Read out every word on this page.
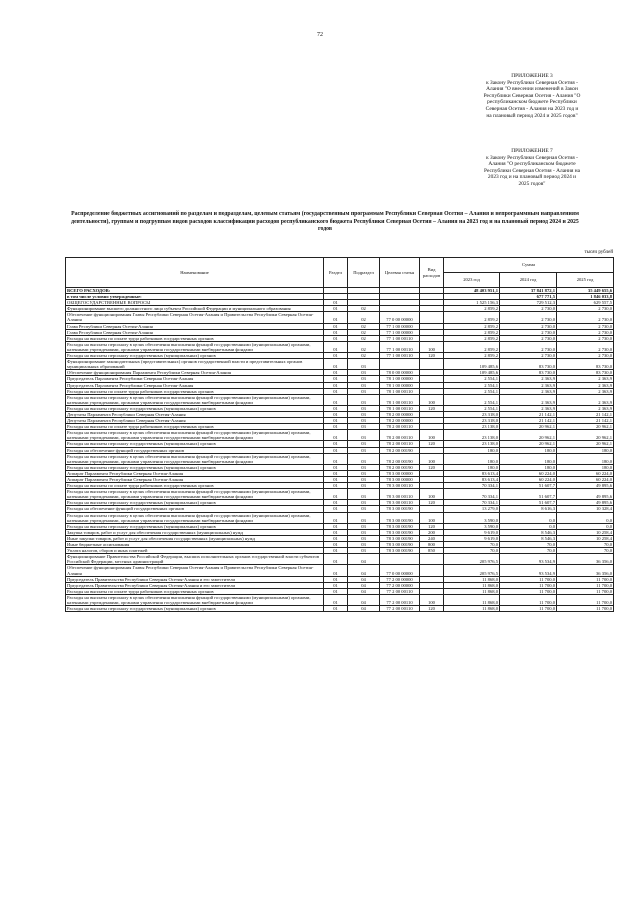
72
ПРИЛОЖЕНИЕ 3
к Закону Республики Северная Осетия -
Алания "О внесении изменений в Закон
Республики Северная Осетия - Алания "О
республиканском бюджете Республики
Северная Осетия - Алания на 2023 год и
на плановый период 2024 и 2025 годов"
ПРИЛОЖЕНИЕ 7
к Закону Республики Северная Осетия -
Алания "О республиканском бюджете
Республики Северная Осетия - Алания на
2023 год и на плановый период 2024 и
2025 годов"
Распределение бюджетных ассигнований по разделам и подразделам, целевым статьям (государственным программам Республики Северная Осетия – Алания и непрограммным направлениям деятельности), группам и подгруппам видов расходов классификации расходов республиканского бюджета Республики Северная Осетия – Алания на 2023 год и на плановый период 2024 и 2025 годов
тысяч рублей
Наименование	Раздел	Подраздел	Целевая статья	Вид расходов	Сумма		
					2023 год	2024 год	2025 год
ВСЕГО РАСХОДОВ:					48 403 951,1	37 841 872,1	35 449 655,6
в том числе условно утвержденные:						677 771,5	1 846 033,8
ОБЩЕГОСУДАРСТВЕННЫЕ ВОПРОСЫ	01				1 525 156,3	729 512,3	629 557,5
Функционирование высшего должностного лица субъекта Российской Федерации и муниципального образования	01	02			2 859,2	2 730,0	2 730,0
Обеспечение функционирования Главы Республики Северная Осетия-Алания и Правительства Республики Северная Осетия-Алания	01	02	77 0 00 00000		2 859,2	2 730,0	2 730,0
Глава Республики Северная Осетия-Алания	01	02	77 1 00 00000		2 859,2	2 730,0	2 730,0
Глава Республики Северная Осетия-Алания	01	02	77 1 00 00000		2 859,2	2 730,0	2 730,0
Расходы на выплаты по оплате труда работников государственных органов	01	02	77 1 00 00110		2 859,2	2 730,0	2 730,0
Расходы на выплаты персоналу в целях обеспечения выполнения функций государственными (муниципальными) органами, казенными учреждениями, органами управления государственными внебюджетными фондами	01	02	77 1 00 00110	100	2 859,2	2 730,0	2 730,0
Расходы на выплаты персоналу государственных (муниципальных) органов	01	02	77 1 00 00110	120	2 859,2	2 730,0	2 730,0
Функционирование законодательных (представительных) органов государственной власти и представительных органов муниципальных образований	01	03			109 485,6	83 730,0	83 730,0
Обеспечение функционирования Парламента Республики Северная Осетия-Алания	01	03	78 0 00 00000		109 485,6	83 730,0	83 730,0
Председатель Парламента Республики Северная Осетия-Алания	01	03	78 1 00 00000		2 554,1	2 363,9	2 363,9
Председатель Парламента Республики Северная Осетия-Алания	01	03	78 1 00 00000		2 554,1	2 363,9	2 363,9
Расходы на выплаты по оплате труда работников государственных органов	01	03	78 1 00 00110		2 554,1	2 363,9	2 363,9
Расходы на выплаты персоналу в целях обеспечения выполнения функций государственными (муниципальными) органами, казенными учреждениями, органами управления государственными внебюджетными фондами	01	03	78 1 00 00110	100	2 554,1	2 363,9	2 363,9
Расходы на выплаты персоналу государственных (муниципальных) органов	01	03	78 1 00 00110	120	2 554,1	2 363,9	2 363,9
Депутаты Парламента Республики Северная Осетия-Алания	01	03	78 2 00 00000		23 318,0	21 142,1	21 142,1
Депутаты Парламента Республики Северная Осетия-Алания	01	03	78 2 00 00000		23 318,0	21 142,1	21 142,1
Расходы на выплаты по оплате труда работников государственных органов	01	03	78 2 00 00110		23 138,0	20 962,1	20 962,1
Расходы на выплаты персоналу в целях обеспечения выполнения функций государственными (муниципальными) органами, казенными учреждениями, органами управления государственными внебюджетными фондами	01	03	78 2 00 00110	100	23 138,0	20 962,1	20 962,1
Расходы на выплаты персоналу государственных (муниципальных) органов	01	03	78 2 00 00110	120	23 138,0	20 962,1	20 962,1
Расходы на обеспечение функций государственных органов	01	03	78 2 00 00190		180,0	180,0	180,0
Расходы на выплаты персоналу в целях обеспечения выполнения функций государственными (муниципальными) органами, казенными учреждениями, органами управления государственными внебюджетными фондами	01	03	78 2 00 00190	100	180,0	180,0	180,0
Расходы на выплаты персоналу государственных (муниципальных) органов	01	03	78 2 00 00190	120	180,0	180,0	180,0
Аппарат Парламента Республики Северная Осетия-Алания	01	03	78 3 00 00000		83 613,4	60 224,0	60 224,0
Аппарат Парламента Республики Северная Осетия-Алания	01	03	78 3 00 00000		83 613,4	60 224,0	60 224,0
Расходы на выплаты по оплате труда работников государственных органов	01	03	78 3 00 00110		70 334,1	51 607,7	49 895,6
Расходы на выплаты персоналу в целях обеспечения выполнения функций государственными (муниципальными) органами, казенными учреждениями, органами управления государственными внебюджетными фондами	01	03	78 3 00 00110	100	70 334,1	51 607,7	49 895,6
Расходы на выплаты персоналу государственных (муниципальных) органов	01	03	78 3 00 00110	120	70 334,1	51 607,7	49 895,6
Расходы на обеспечение функций государственных органов	01	03	78 3 00 00190		13 279,0	8 616,3	10 328,4
Расходы на выплаты персоналу в целях обеспечения выполнения функций государственными (муниципальными) органами, казенными учреждениями, органами управления государственными внебюджетными фондами	01	03	78 3 00 00190	100	3 590,0	0,0	0,0
Расходы на выплаты персоналу государственных (муниципальных) органов	01	03	78 3 00 00190	120	3 590,0	0,0	0,0
Закупка товаров, работ и услуг для обеспечения государственных (муниципальных) нужд	01	03	78 3 00 00190	200	9 619,0	8 546,3	10 258,4
Иные закупки товаров, работ и услуг для обеспечения государственных (муниципальных) нужд	01	03	78 3 00 00190	240	9 619,0	8 546,3	10 258,4
Иные бюджетные ассигнования	01	03	78 3 00 00190	800	70,0	70,0	70,0
Уплата налогов, сборов и иных платежей	01	03	78 3 00 00190	850	70,0	70,0	70,0
Функционирование Правительства Российской Федерации, высших исполнительных органов государственной власти субъектов Российской Федерации, местных администраций	01	04			205 976,5	93 534,9	36 356,0
Обеспечение функционирования Главы Республики Северная Осетия-Алания и Правительства Республики Северная Осетия-Алания	01	04	77 0 00 00000		205 976,5	93 534,9	36 356,0
Председатель Правительства Республики Северная Осетия-Алания и его заместители	01	04	77 2 00 00000		11 868,0	11 700,0	11 700,0
Председатель Правительства Республики Северная Осетия-Алания и его заместители	01	04	77 2 00 00000		11 868,0	11 700,0	11 700,0
Расходы на выплаты по оплате труда работников государственных органов	01	04	77 2 00 00110		11 868,0	11 700,0	11 700,0
Расходы на выплаты персоналу в целях обеспечения выполнения функций государственными (муниципальными) органами, казенными учреждениями, органами управления государственными внебюджетными фондами	01	04	77 2 00 00110	100	11 868,0	11 700,0	11 700,0
Расходы на выплаты персоналу государственных (муниципальных) органов	01	04	77 2 00 00110	120	11 868,0	11 700,0	11 700,0
